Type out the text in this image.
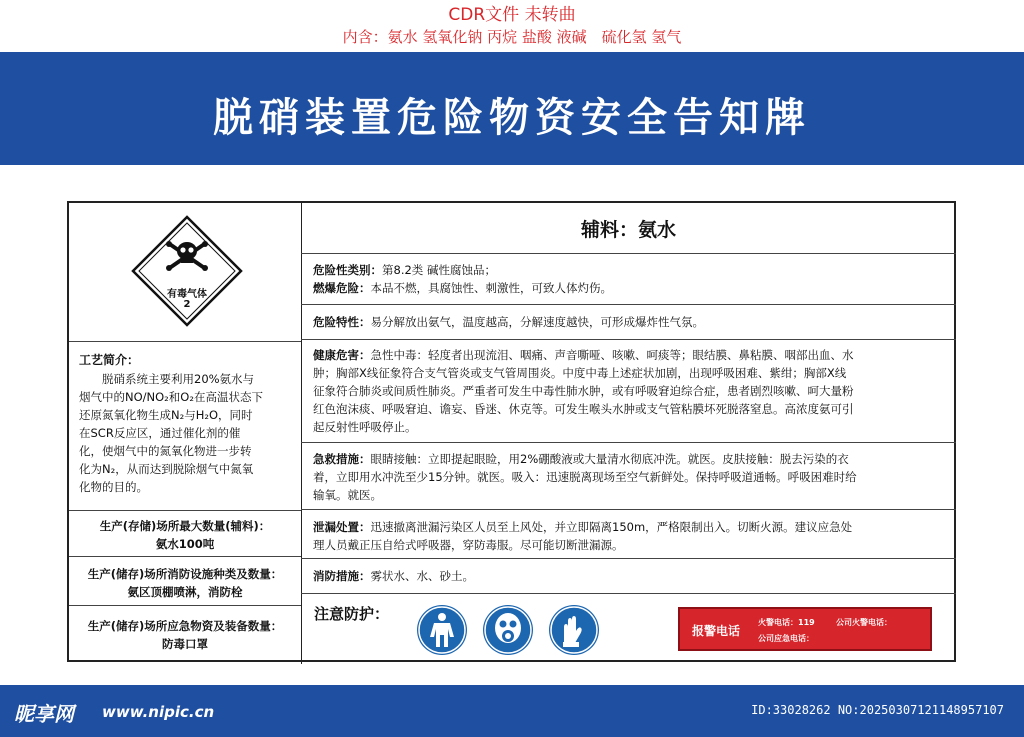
CDR文件 未转曲
内含：氨水 氢氧化钠 丙烷 盐酸 液碱　硫化氢 氢气
脱硝装置危险物资安全告知牌
有毒气体
2
工艺简介：
　　脱硝系统主要利用20%氨水与
烟气中的NO/NO₂和O₂在高温状态下
还原氮氧化物生成N₂与H₂O，同时
在SCR反应区，通过催化剂的催
化，使烟气中的氮氧化物进一步转
化为N₂，从而达到脱除烟气中氮氧
化物的目的。
生产(存储)场所最大数量(辅料)：
氨水100吨
生产(储存)场所消防设施种类及数量：
氨区顶棚喷淋，消防栓
生产(储存)场所应急物资及装备数量：
防毒口罩
辅料：氨水
危险性类别：第8.2类 碱性腐蚀品；
燃爆危险：本品不燃，具腐蚀性、刺激性，可致人体灼伤。
危险特性：易分解放出氨气，温度越高，分解速度越快，可形成爆炸性气氛。
健康危害：急性中毒：轻度者出现流泪、咽痛、声音嘶哑、咳嗽、呵痰等；眼结膜、鼻粘膜、咽部出血、水
肿；胸部X线征象符合支气管炎或支气管周围炎。中度中毒上述症状加剧，出现呼吸困难、紫绀；胸部X线
征象符合肺炎或间质性肺炎。严重者可发生中毒性肺水肿，或有呼吸窘迫综合症，患者剧烈咳嗽、呵大量粉
红色泡沫痰、呼吸窘迫、谵妄、昏迷、休克等。可发生喉头水肿或支气管粘膜坏死脱落窒息。高浓度氨可引
起反射性呼吸停止。
急救措施：眼睛接触：立即提起眼睑，用2%硼酸液或大量清水彻底冲洗。就医。皮肤接触：脱去污染的衣
着，立即用水冲洗至少15分钟。就医。吸入：迅速脱离现场至空气新鲜处。保持呼吸道通畅。呼吸困难时给
输氧。就医。
泄漏处置：迅速撤离泄漏污染区人员至上风处，并立即隔离150m，严格限制出入。切断火源。建议应急处
理人员戴正压自给式呼吸器，穿防毒服。尽可能切断泄漏源。
消防措施：雾状水、水、砂土。
注意防护：
报警电话
火警电话：119	公司火警电话：
公司应急电话：
昵享网 www.nipic.cn	ID:33028262 NO:20250307121148957107
